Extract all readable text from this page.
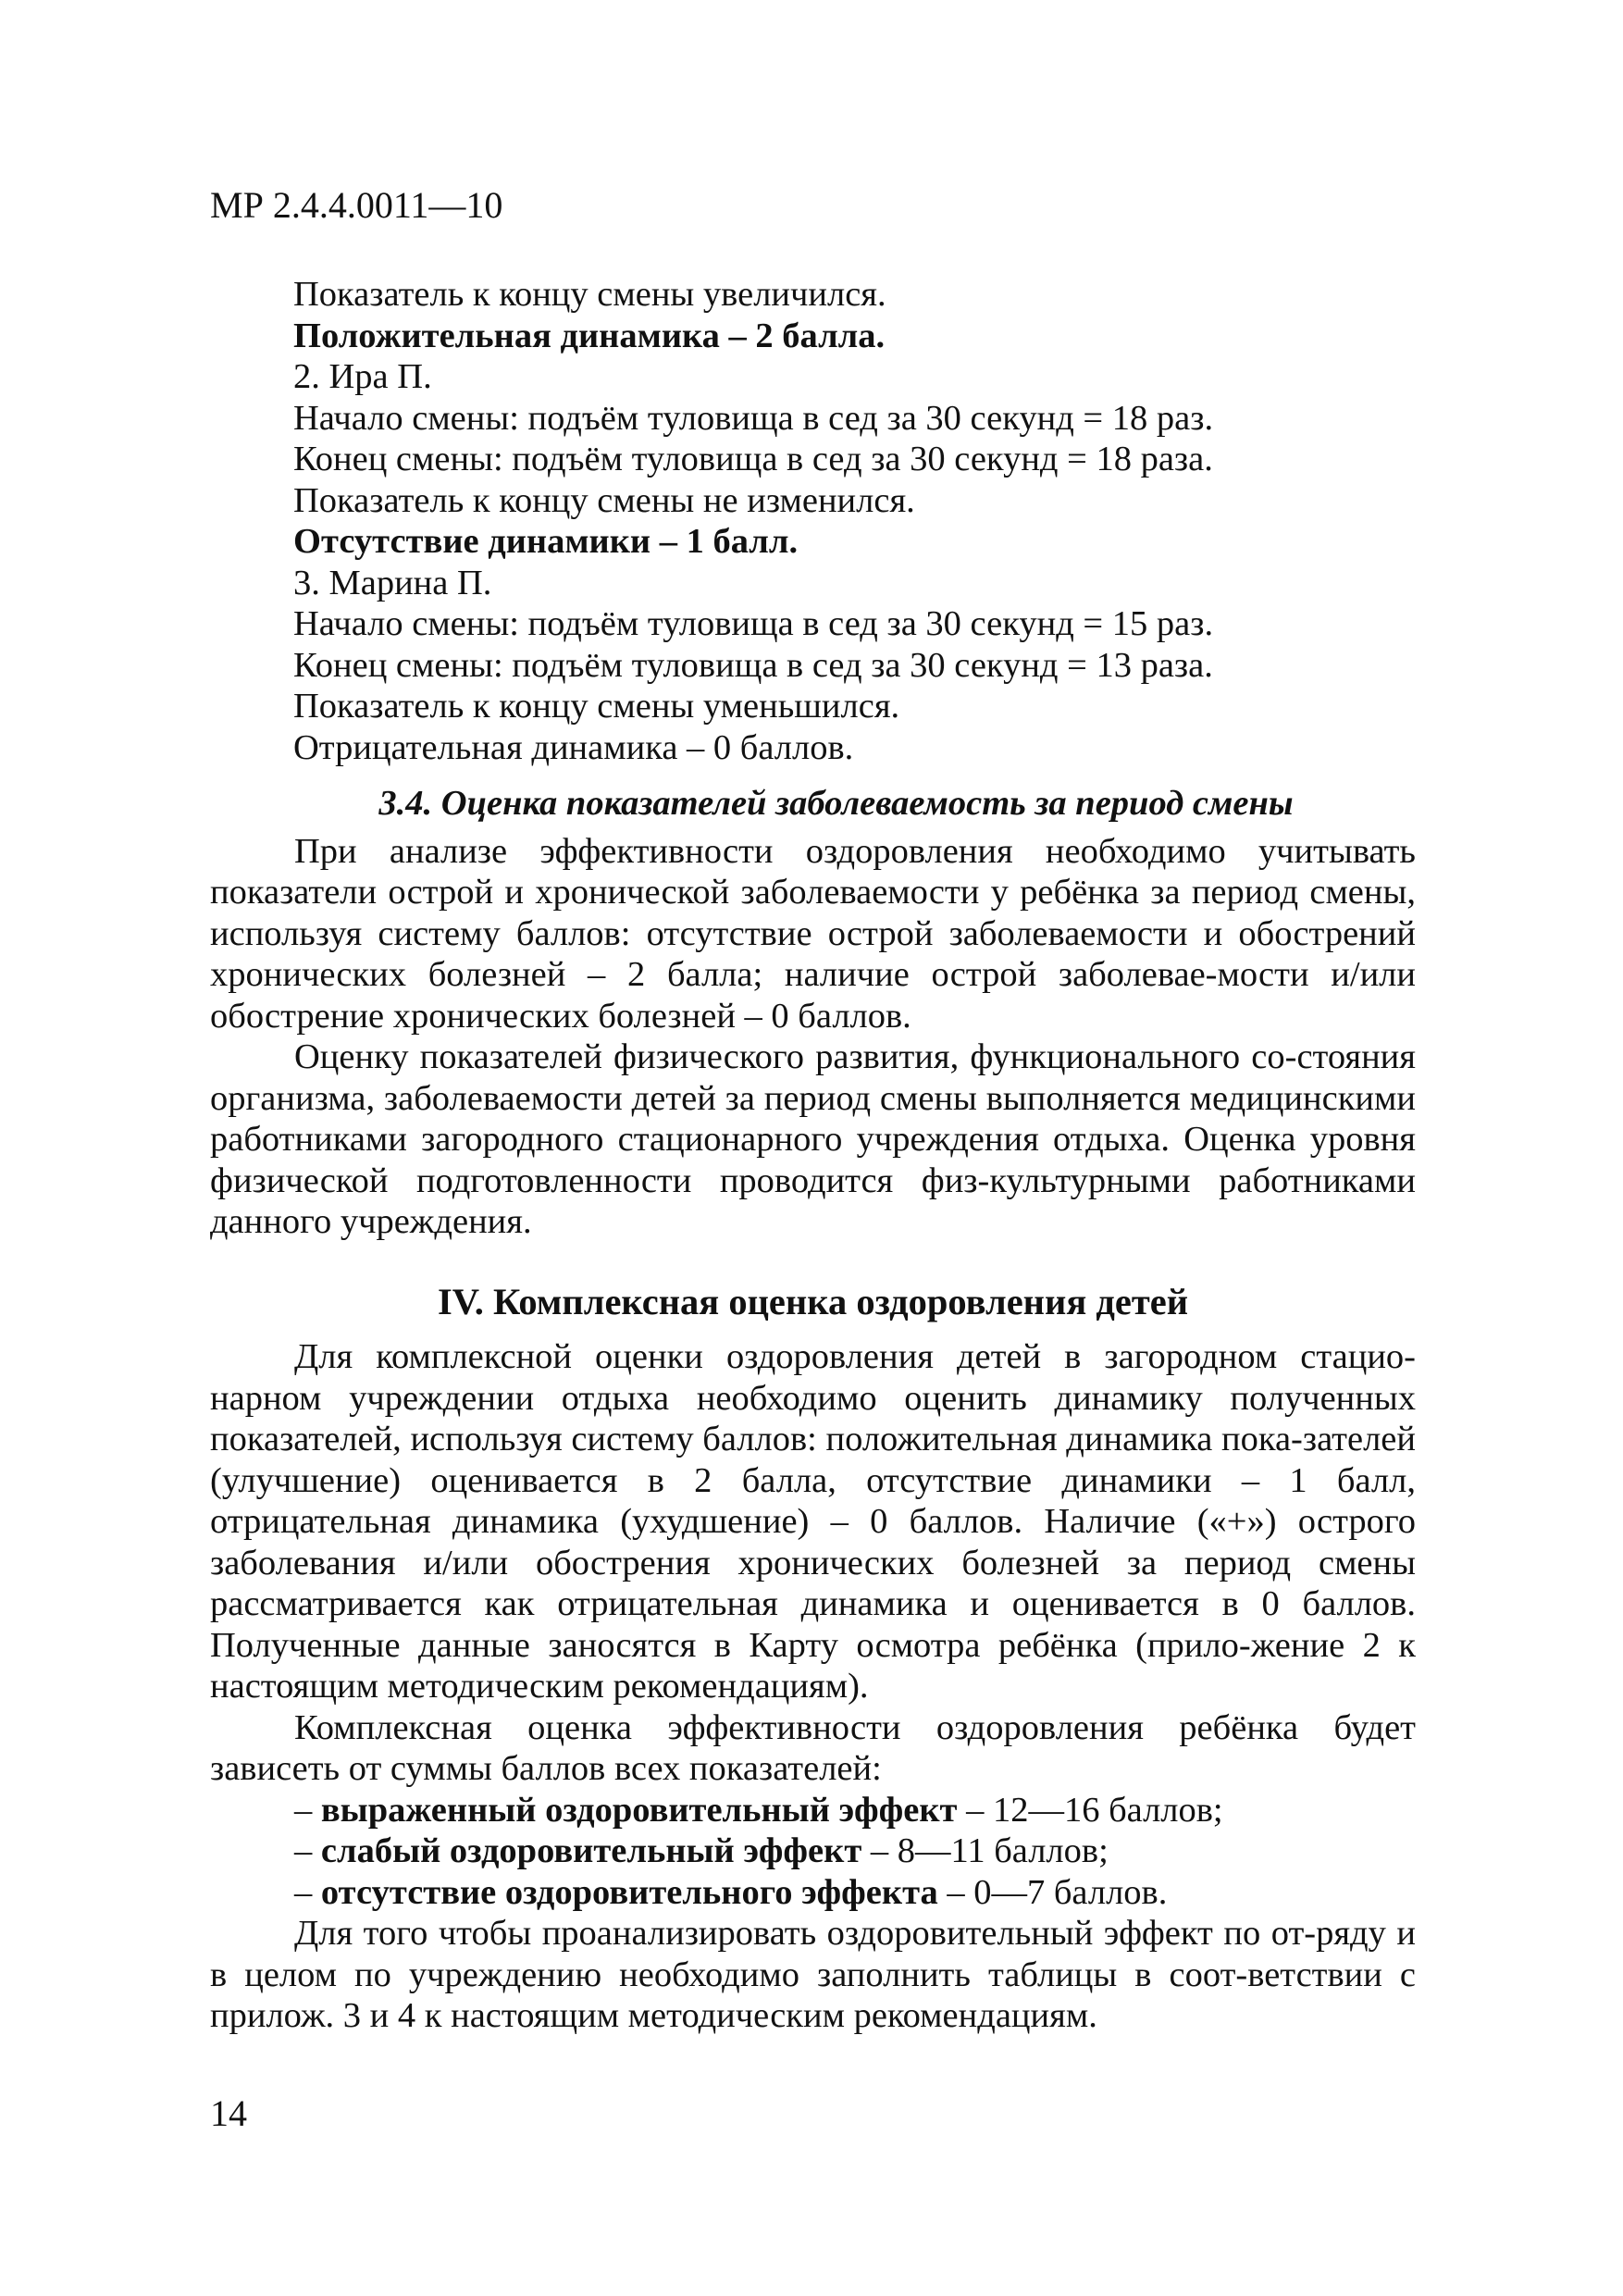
МР 2.4.4.0011—10
Показатель к концу смены увеличился.
Положительная динамика – 2 балла.
2. Ира П.
Начало смены: подъём туловища в сед за 30 секунд = 18 раз.
Конец смены: подъём туловища в сед за 30 секунд = 18 раза.
Показатель к концу смены не изменился.
Отсутствие динамики – 1 балл.
3. Марина П.
Начало смены: подъём туловища в сед за 30 секунд = 15 раз.
Конец смены: подъём туловища в сед за 30 секунд = 13 раза.
Показатель к концу смены уменьшился.
Отрицательная динамика – 0 баллов.
3.4. Оценка показателей заболеваемость за период смены

При анализе эффективности оздоровления необходимо учитывать показатели острой и хронической заболеваемости у ребёнка за период смены, используя систему баллов: отсутствие острой заболеваемости и обострений хронических болезней – 2 балла; наличие острой заболевае-мости и/или обострение хронических болезней – 0 баллов.

Оценку показателей физического развития, функционального со-стояния организма, заболеваемости детей за период смены выполняется медицинскими работниками загородного стационарного учреждения отдыха. Оценка уровня физической подготовленности проводится физ-культурными работниками данного учреждения.

IV. Комплексная оценка оздоровления детей

Для комплексной оценки оздоровления детей в загородном стацио-нарном учреждении отдыха необходимо оценить динамику полученных показателей, используя систему баллов: положительная динамика пока-зателей (улучшение) оценивается в 2 балла, отсутствие динамики – 1 балл, отрицательная динамика (ухудшение) – 0 баллов. Наличие («+») острого заболевания и/или обострения хронических болезней за период смены рассматривается как отрицательная динамика и оценивается в 0 баллов. Полученные данные заносятся в Карту осмотра ребёнка (прило-жение 2 к настоящим методическим рекомендациям).

Комплексная оценка эффективности оздоровления ребёнка будет зависеть от суммы баллов всех показателей:

– выраженный оздоровительный эффект – 12—16 баллов;
– слабый оздоровительный эффект – 8—11 баллов;
– отсутствие оздоровительного эффекта – 0—7 баллов.

Для того чтобы проанализировать оздоровительный эффект по от-ряду и в целом по учреждению необходимо заполнить таблицы в соот-ветствии с прилож. 3 и 4 к настоящим методическим рекомендациям.

14
